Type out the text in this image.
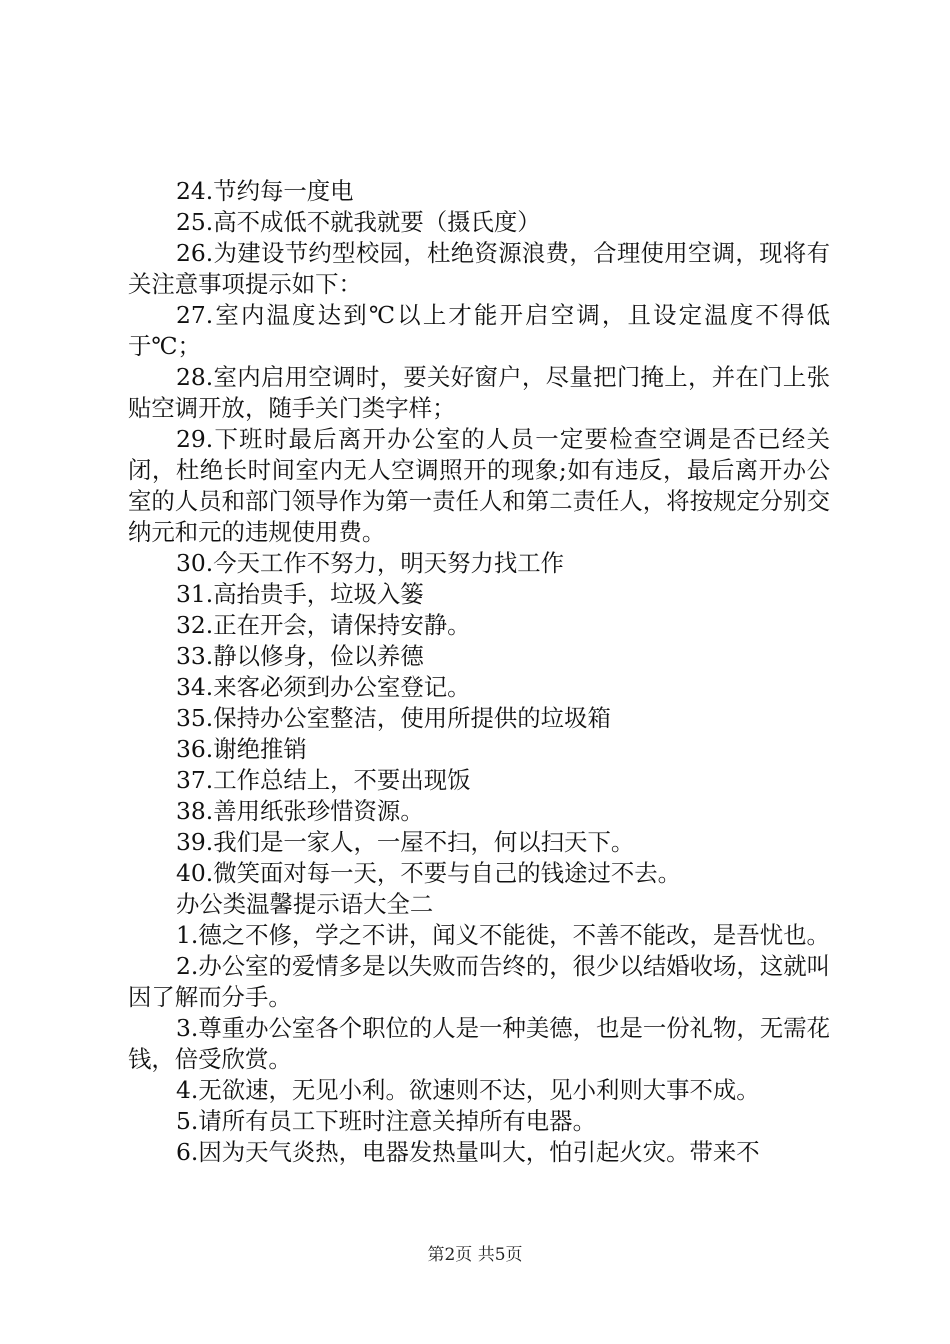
24.节约每一度电

25.高不成低不就我就要（摄氏度）

26.为建设节约型校园，杜绝资源浪费，合理使用空调，现将有关注意事项提示如下：

27.室内温度达到℃以上才能开启空调，且设定温度不得低于℃；

28.室内启用空调时，要关好窗户，尽量把门掩上，并在门上张贴空调开放，随手关门类字样；

29.下班时最后离开办公室的人员一定要检查空调是否已经关闭，杜绝长时间室内无人空调照开的现象;如有违反，最后离开办公室的人员和部门领导作为第一责任人和第二责任人，将按规定分别交纳元和元的违规使用费。

30.今天工作不努力，明天努力找工作

31.高抬贵手，垃圾入篓

32.正在开会，请保持安静。

33.静以修身，俭以养德

34.来客必须到办公室登记。

35.保持办公室整洁，使用所提供的垃圾箱

36.谢绝推销

37.工作总结上，不要出现饭

38.善用纸张珍惜资源。

39.我们是一家人，一屋不扫，何以扫天下。

40.微笑面对每一天，不要与自己的钱途过不去。

办公类温馨提示语大全二

1.德之不修，学之不讲，闻义不能徙，不善不能改，是吾忧也。

2.办公室的爱情多是以失败而告终的，很少以结婚收场，这就叫因了解而分手。

3.尊重办公室各个职位的人是一种美德，也是一份礼物，无需花钱，倍受欣赏。

4.无欲速，无见小利。欲速则不达，见小利则大事不成。

5.请所有员工下班时注意关掉所有电器。

6.因为天气炎热，电器发热量叫大，怕引起火灾。带来不

第2页 共5页
